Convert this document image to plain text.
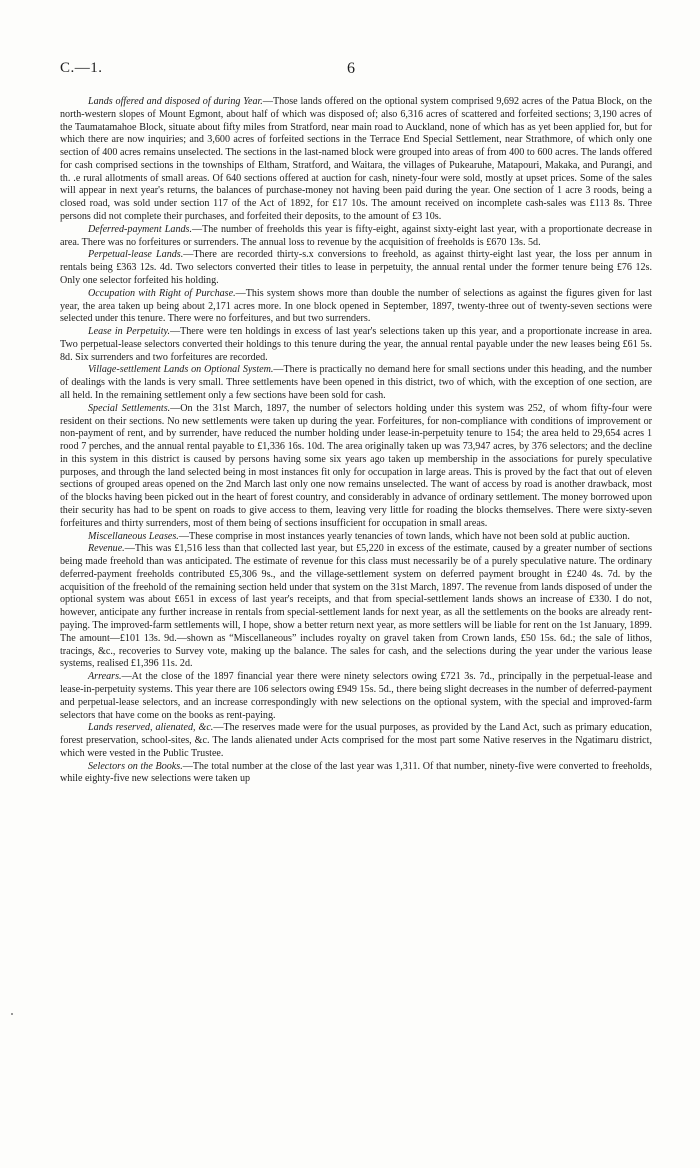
C.—1.	6

Lands offered and disposed of during Year.—Those lands offered on the optional system comprised 9,692 acres of the Patua Block, on the north-western slopes of Mount Egmont, about half of which was disposed of; also 6,316 acres of scattered and forfeited sections; 3,190 acres of the Taumatamahoe Block, situate about fifty miles from Stratford, near main road to Auckland, none of which has as yet been applied for, but for which there are now inquiries; and 3,600 acres of forfeited sections in the Terrace End Special Settlement, near Strathmore, of which only one section of 400 acres remains unselected. The sections in the last-named block were grouped into areas of from 400 to 600 acres. The lands offered for cash comprised sections in the townships of Eltham, Stratford, and Waitara, the villages of Pukearuhe, Matapouri, Makaka, and Purangi, and th. .e rural allotments of small areas. Of 640 sections offered at auction for cash, ninety-four were sold, mostly at upset prices. Some of the sales will appear in next year's returns, the balances of purchase-money not having been paid during the year. One section of 1 acre 3 roods, being a closed road, was sold under section 117 of the Act of 1892, for £17 10s. The amount received on incomplete cash-sales was £113 8s. Three persons did not complete their purchases, and forfeited their deposits, to the amount of £3 10s.

Deferred-payment Lands.—The number of freeholds this year is fifty-eight, against sixty-eight last year, with a proportionate decrease in area. There was no forfeitures or surrenders. The annual loss to revenue by the acquisition of freeholds is £670 13s. 5d.

Perpetual-lease Lands.—There are recorded thirty-s.x conversions to freehold, as against thirty-eight last year, the loss per annum in rentals being £363 12s. 4d. Two selectors converted their titles to lease in perpetuity, the annual rental under the former tenure being £76 12s. Only one selector forfeited his holding.

Occupation with Right of Purchase.—This system shows more than double the number of selections as against the figures given for last year, the area taken up being about 2,171 acres more. In one block opened in September, 1897, twenty-three out of twenty-seven sections were selected under this tenure. There were no forfeitures, and but two surrenders.

Lease in Perpetuity.—There were ten holdings in excess of last year's selections taken up this year, and a proportionate increase in area. Two perpetual-lease selectors converted their holdings to this tenure during the year, the annual rental payable under the new leases being £61 5s. 8d. Six surrenders and two forfeitures are recorded.

Village-settlement Lands on Optional System.—There is practically no demand here for small sections under this heading, and the number of dealings with the lands is very small. Three settlements have been opened in this district, two of which, with the exception of one section, are all held. In the remaining settlement only a few sections have been sold for cash.

Special Settlements.—On the 31st March, 1897, the number of selectors holding under this system was 252, of whom fifty-four were resident on their sections. No new settlements were taken up during the year. Forfeitures, for non-compliance with conditions of improvement or non-payment of rent, and by surrender, have reduced the number holding under lease-in-perpetuity tenure to 154; the area held to 29,654 acres 1 rood 7 perches, and the annual rental payable to £1,336 16s. 10d. The area originally taken up was 73,947 acres, by 376 selectors; and the decline in this system in this district is caused by persons having some six years ago taken up membership in the associations for purely speculative purposes, and through the land selected being in most instances fit only for occupation in large areas. This is proved by the fact that out of eleven sections of grouped areas opened on the 2nd March last only one now remains unselected. The want of access by road is another drawback, most of the blocks having been picked out in the heart of forest country, and considerably in advance of ordinary settlement. The money borrowed upon their security has had to be spent on roads to give access to them, leaving very little for roading the blocks themselves. There were sixty-seven forfeitures and thirty surrenders, most of them being of sections insufficient for occupation in small areas.

Miscellaneous Leases.—These comprise in most instances yearly tenancies of town lands, which have not been sold at public auction.

Revenue.—This was £1,516 less than that collected last year, but £5,220 in excess of the estimate, caused by a greater number of sections being made freehold than was anticipated. The estimate of revenue for this class must necessarily be of a purely speculative nature. The ordinary deferred-payment freeholds contributed £5,306 9s., and the village-settlement system on deferred payment brought in £240 4s. 7d. by the acquisition of the freehold of the remaining section held under that system on the 31st March, 1897. The revenue from lands disposed of under the optional system was about £651 in excess of last year's receipts, and that from special-settlement lands shows an increase of £330. I do not, however, anticipate any further increase in rentals from special-settlement lands for next year, as all the settlements on the books are already rent-paying. The improved-farm settlements will, I hope, show a better return next year, as more settlers will be liable for rent on the 1st January, 1899. The amount—£101 13s. 9d.—shown as “Miscellaneous” includes royalty on gravel taken from Crown lands, £50 15s. 6d.; the sale of lithos, tracings, &c., recoveries to Survey vote, making up the balance. The sales for cash, and the selections during the year under the various lease systems, realised £1,396 11s. 2d.

Arrears.—At the close of the 1897 financial year there were ninety selectors owing £721 3s. 7d., principally in the perpetual-lease and lease-in-perpetuity systems. This year there are 106 selectors owing £949 15s. 5d., there being slight decreases in the number of deferred-payment and perpetual-lease selectors, and an increase correspondingly with new selections on the optional system, with the special and improved-farm selectors that have come on the books as rent-paying.

Lands reserved, alienated, &c.—The reserves made were for the usual purposes, as provided by the Land Act, such as primary education, forest preservation, school-sites, &c. The lands alienated under Acts comprised for the most part some Native reserves in the Ngatimaru district, which were vested in the Public Trustee.

Selectors on the Books.—The total number at the close of the last year was 1,311. Of that number, ninety-five were converted to freeholds, while eighty-five new selections were taken up
